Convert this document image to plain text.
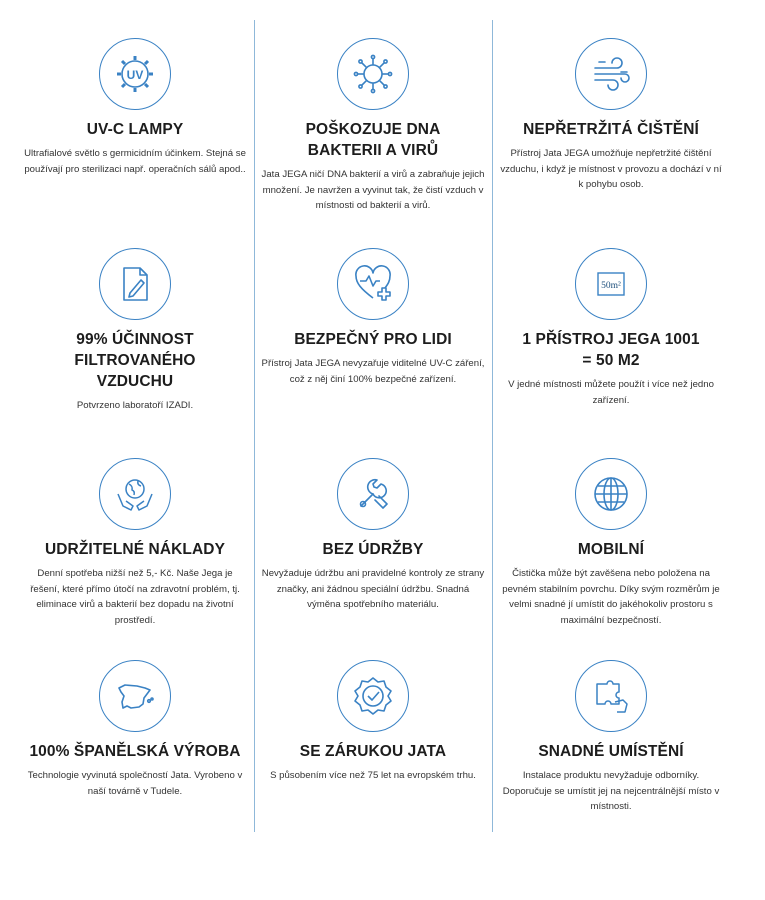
UV
UV-C LAMPY
Ultrafialové světlo s germicidním účinkem. Stejná se používají pro sterilizaci např. operačních sálů apod..
POŠKOZUJE DNA BAKTERII A VIRŮ
Jata JEGA ničí DNA bakterií a virů a zabraňuje jejich množení. Je navržen a vyvinut tak, že čistí vzduch v místnosti od bakterií a virů.
NEPŘETRŽITÁ ČIŠTĚNÍ
Přístroj Jata JEGA umožňuje nepřetržité čištění vzduchu, i když je místnost v provozu a dochází v ní k pohybu osob.
99% ÚČINNOST FILTROVANÉHO VZDUCHU
Potvrzeno laboratoří IZADI.
BEZPEČNÝ PRO LIDI
Přístroj Jata JEGA nevyzařuje viditelné UV-C záření, což z něj činí 100% bezpečné zařízení.
50m²
1 PŘÍSTROJ JEGA 1001 = 50 M2
V jedné místnosti můžete použít i více než jedno zařízení.
UDRŽITELNÉ NÁKLADY
Denní spotřeba nižší než 5,- Kč. Naše Jega je řešení, které přímo útočí na zdravotní problém, tj. eliminace virů a bakterií bez dopadu na životní prostředí.
BEZ ÚDRŽBY
Nevyžaduje údržbu ani pravidelné kontroly ze strany značky, ani žádnou speciální údržbu. Snadná výměna spotřebního materiálu.
MOBILNÍ
Čistička může být zavěšena nebo položena na pevném stabilním povrchu. Díky svým rozměrům je velmi snadné jí umístit do jakéhokoliv prostoru s maximální bezpečností.
100% ŠPANĚLSKÁ VÝROBA
Technologie vyvinutá společností Jata. Vyrobeno v naší továrně v Tudele.
SE ZÁRUKOU JATA
S působením více než 75 let na evropském trhu.
SNADNÉ UMÍSTĚNÍ
Instalace produktu nevyžaduje odborníky. Doporučuje se umístit jej na nejcentrálnější místo v místnosti.
